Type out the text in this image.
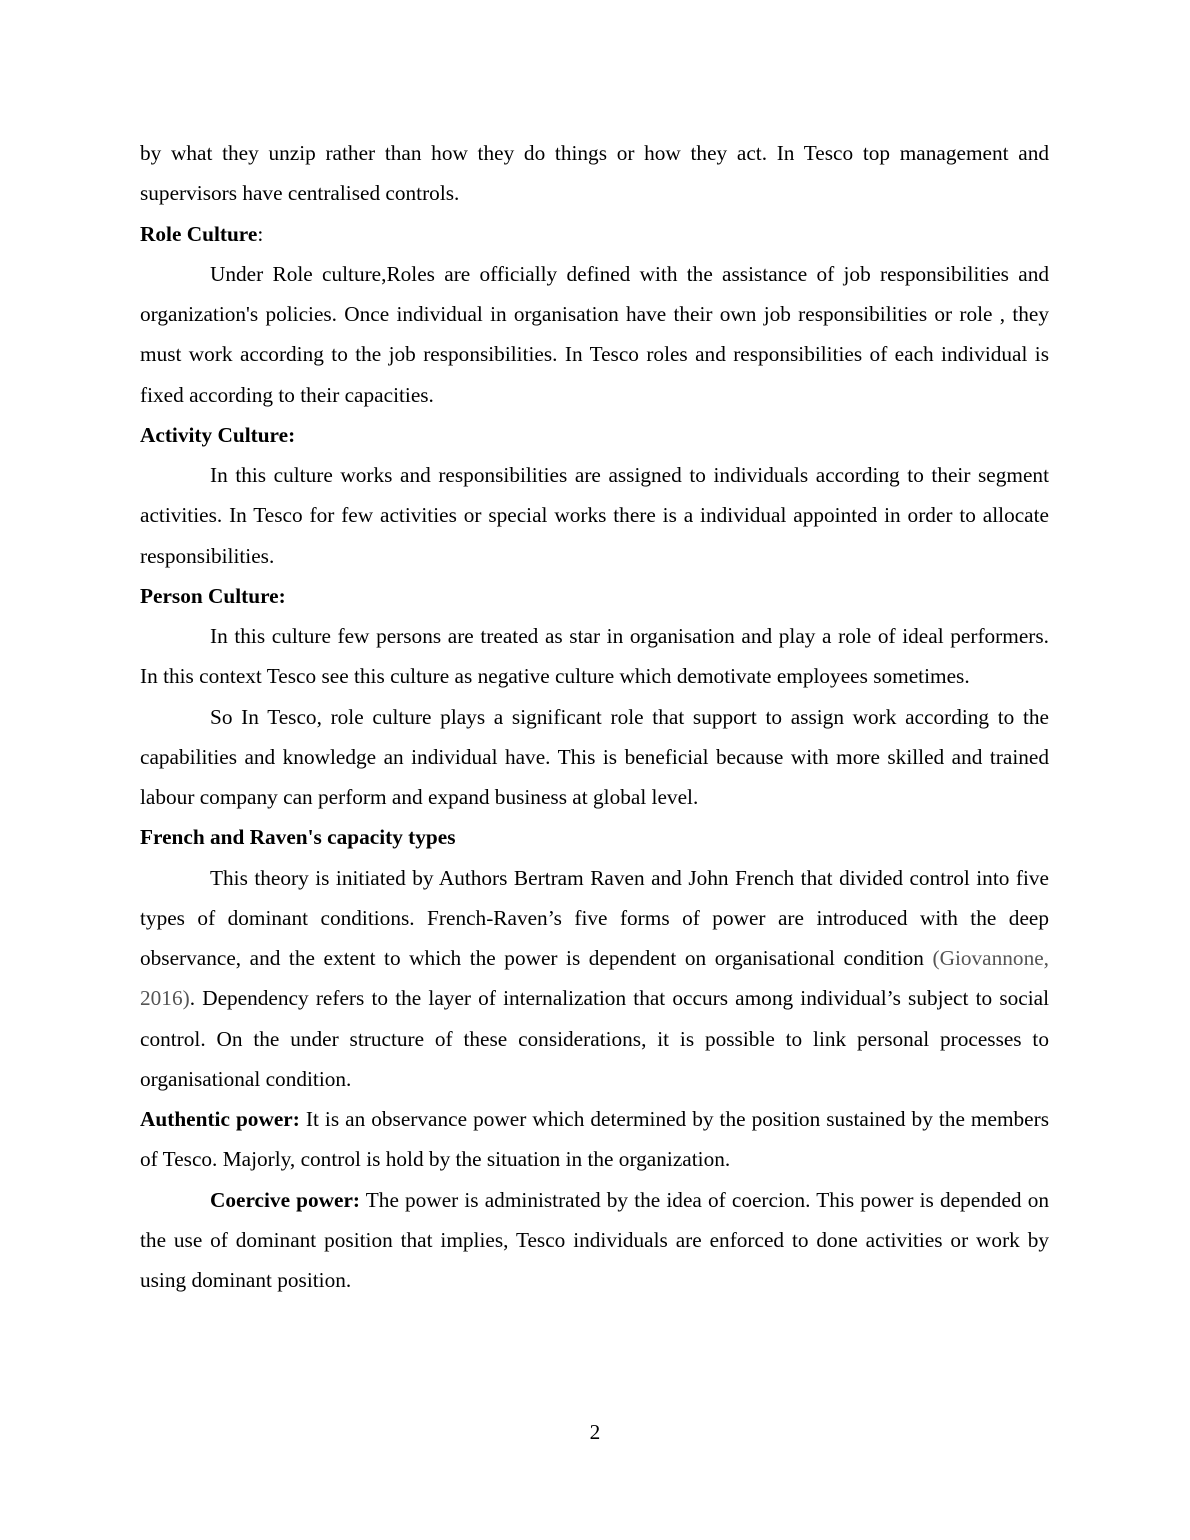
by what they unzip rather than how they do things or how they act. In Tesco top management and supervisors have centralised controls.

Role Culture:

Under Role culture,Roles are officially defined with the assistance of job responsibilities and organization's policies. Once individual in organisation have their own job responsibilities or role , they must work according to the job responsibilities. In Tesco roles and responsibilities of each individual is fixed according to their capacities.

Activity Culture:

In this culture works and responsibilities are assigned to individuals according to their segment activities. In Tesco for few activities or special works there is a individual appointed in order to allocate responsibilities.

Person Culture:

In this culture few persons are treated as star in organisation and play a role of ideal performers. In this context Tesco see this culture as negative culture which demotivate employees sometimes.

So In Tesco, role culture plays a significant role that support to assign work according to the capabilities and knowledge an individual have. This is beneficial because with more skilled and trained labour company can perform and expand business at global level.

French and Raven's capacity types

This theory is initiated by Authors Bertram Raven and John French that divided control into five types of dominant conditions. French-Raven’s five forms of power are introduced with the deep observance, and the extent to which the power is dependent on organisational condition (Giovannone, 2016). Dependency refers to the layer of internalization that occurs among individual’s subject to social control. On the under structure of these considerations, it is possible to link personal processes to organisational condition.

Authentic power: It is an observance power which determined by the position sustained by the members of Tesco. Majorly, control is hold by the situation in the organization.

Coercive power: The power is administrated by the idea of coercion. This power is depended on the use of dominant position that implies, Tesco individuals are enforced to done activities or work by using dominant position.

2
